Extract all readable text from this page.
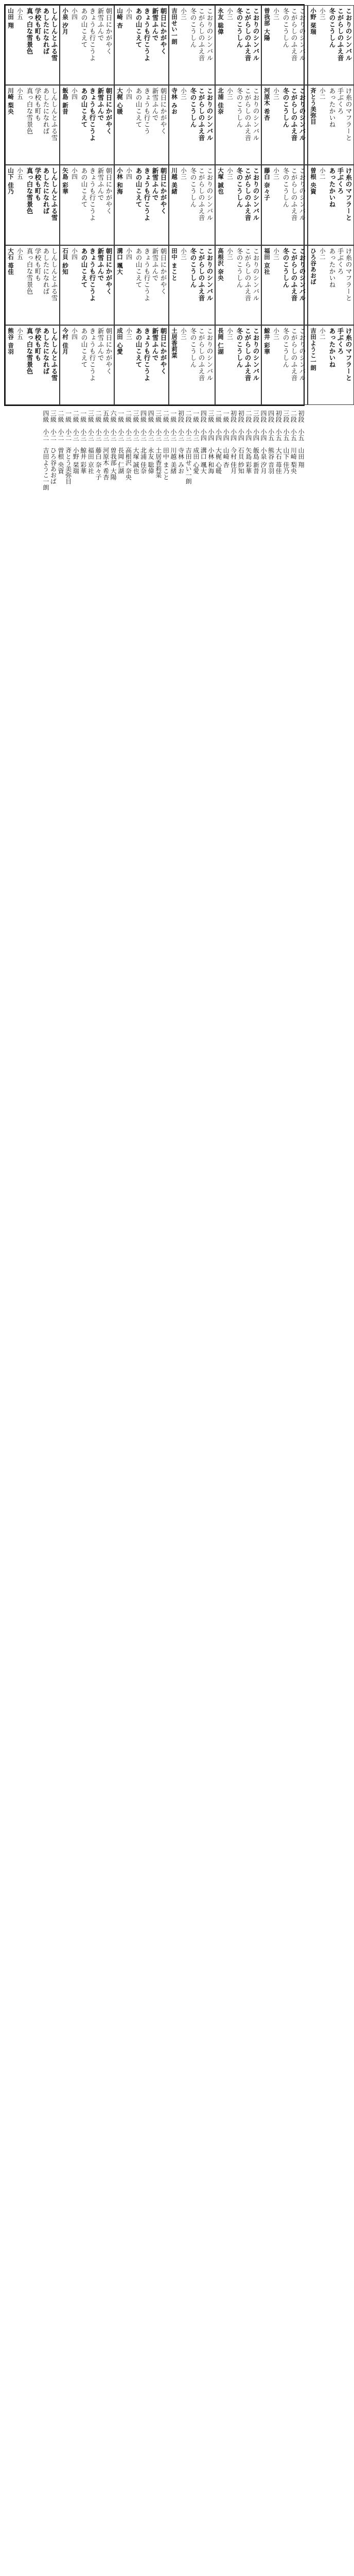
しんしんとふる雪
あしたになれば
学校も町も
真っ白な雪景色
小五
山田 翔	朝日にかがやく
新雪ふんで
きょうも行こうよ
あの山こえて
小四
小泉 汐月	朝日にかがやく
新雪ふんで
きょうも行こうよ
あの山こえて
小四
山崎 杏	こおりのシンバル
こがらしのふえ音
冬のこうしん
小三
吉田せい一朗	こおりのシンバル
こがらしのふえ音
冬のこうしん
小三
永友 聡偉	こおりのシンバル
こがらしのふえ音
冬のこうしん
小三
曽我部 大陽	こおりのシンバル
こがらしのふえ音
冬のこうしん
小三
小野 栞瑞
しんしんとふる雪
あしたになれば
学校も町も
真っ白な雪景色
小五
川崎 梨央	朝日にかがやく
新雪ふんで
きょうも行こうよ
あの山こえて
小四
飯島 新昔	朝日にかがやく
新雪ふんで
きょうも行こう
あの山こえて
小四
大梶 心暖	こおりのシンバル
こがらしのふえ音
冬のこうしん
小三
寺林 みお	こおりのシンバル
こがらしのふえ音
冬のこうしん
小三
北浦 佳奈	こおりのシンバル
こがらしのふえ音
冬のこうしん
小三
河原木 希杏	け糸のマフラーと
手ぶくろ
あったかいね
小二
斉とう美弥目
しんしんとふる雪
あしたになれば
学校も町も
真っ白な雪景色
小五
山下 佳乃	朝日にかがやく
新雪ふんで
きょうも行こうよ
あの山こえて
小四
矢島 彩華	朝日にかがやく
新雪ふんで
きょうも行こうよ
あの山こえて
小四
小林 和海	こおりのシンバル
こがらしのふえ音
冬のこうしん
小三
川越 美緒	こおりのシンバル
こがらしのふえ音
冬のこうしん
小三
大塚 誠也	こおりのシンバル
こがらしのふえ音
冬のこうしん
小三
藤白 奈々子	け糸のマフラーと
手ぶくろ
あったかいね
小二
曽根 央資
しんしんとふる雪
あしたになれば
学校も町も
真っ白な雪景色
小五
大石 苺佳	朝日にかがやく
新雪ふんで
きょうも行こうよ
あの山こえて
小四
石貝 紗知	朝日にかがやく
新雪ふんで
きょうも行こうよ
あの山こえて
小四
溝口 颯大	こおりのシンバル
こがらしのふえ音
冬のこうしん
小三
田中 まこと	こおりのシンバル
こがらしのふえ音
冬のこうしん
小三
高根沢 奈央	こおりのシンバル
こがらしのふえ音
冬のこうしん
小三
福田 京社	け糸のマフラーと
手ぶくろ
あったかいね
小二
ひろ谷あおば
しんしんとふる雪
あしたになれば
学校も町も
真っ白な雪景色
小五
熊谷 音羽	朝日にかがやく
新雪ふんで
きょうも行こうよ
あの山こえて
小四
今村 佳月	朝日にかがやく
新雪ふんで
きょうも行こうよ
あの山こえて
小三
成田 心愛	こおりのシンバル
こがらしのふえ音
冬のこうしん
小三
土居香莉菜	こおりのシンバル
こがらしのふえ音
冬のこうしん
小三
長岡 仁湖	こおりのシンバル
こがらしのふえ音
冬のこうしん
小三
鯨井 彩華	け糸のマフラーと
手ぶくろ
あったかいね
小二
吉田ようこ一朗
初段　小五　山田 翔
二段　小五　川崎 梨央
三段　小五　山下 佳乃
初段　小五　大石 苺佳
四段　小五　熊谷 音羽
四段　小四　小泉 汐月
三段　小四　飯島 新昔
二段　小四　矢島 彩華
初段　小四　石貝 紗知
初段　小四　今村 佳月
一級　小四　山崎 杏
二級　小四　大梶 心暖
三級　小四　小林 和海
四段　小四　溝口 颯大
一級　小三　成田 心愛
二段　小三　吉田せい一朗
初段　小三　寺林 みお
一級　小三　川越 美緒
二級　小三　田中 まこと
三級　小三　土居香莉菜
四級　小三　永友 聡偉
四級　小三　北浦 佳奈
三級　小三　大塚 誠也
二級　小三　高根沢 奈央
一級　小三　長岡 仁湖
六級　小三　曽我部 大陽
五級　小三　河原木 希杏
二級　小三　藤白 奈々子
三級　小三　福田 京社
一級　小三　鯨井 彩華
二級　小三　小野 栞瑞
一級　小二　斉とう美弥目
二級　小二　曽根 央資
三級　小二　ひろ谷あおば
四級　小二　吉田ようこ一朗
